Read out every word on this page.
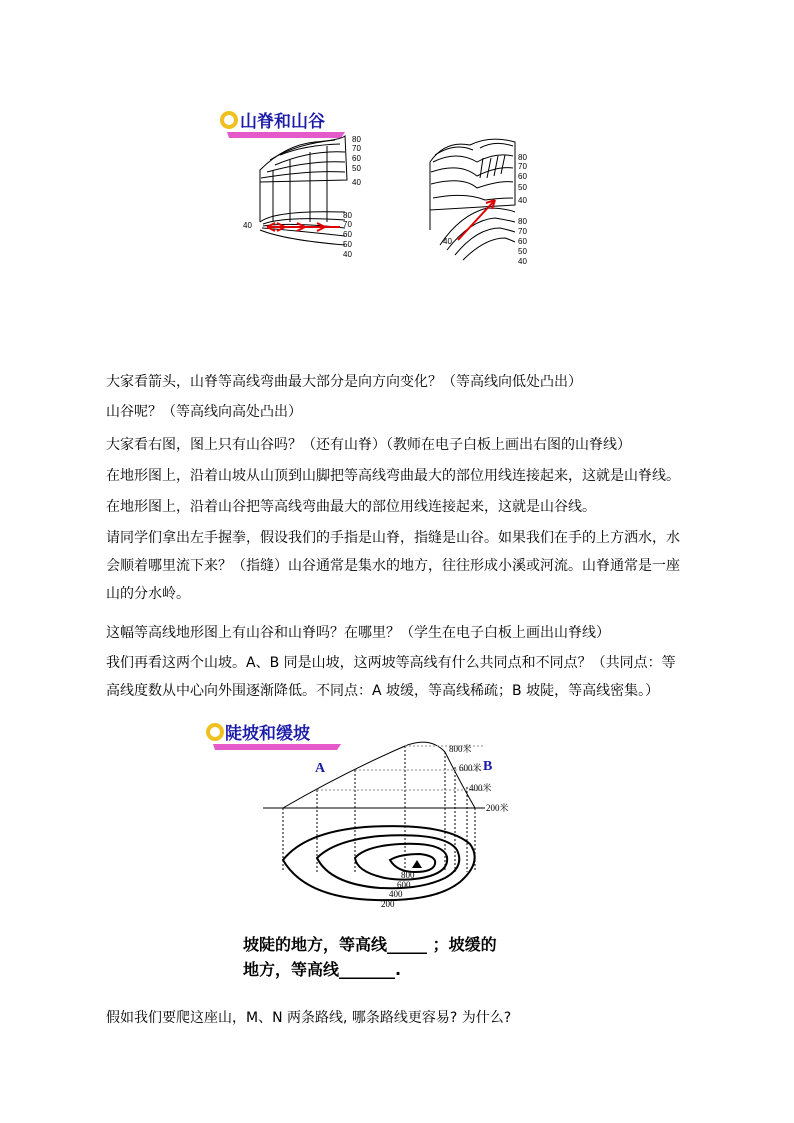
山脊和山谷
80
70
60
50
40
80
70
60
50
40
40
80
70
60
50
40
80
70
60
50
40
40

大家看箭头，山脊等高线弯曲最大部分是向方向变化？（等高线向低处凸出）

山谷呢？（等高线向高处凸出）

大家看右图，图上只有山谷吗？（还有山脊）（教师在电子白板上画出右图的山脊线）

在地形图上，沿着山坡从山顶到山脚把等高线弯曲最大的部位用线连接起来，这就是山脊线。

在地形图上，沿着山谷把等高线弯曲最大的部位用线连接起来，这就是山谷线。

请同学们拿出左手握拳，假设我们的手指是山脊，指缝是山谷。如果我们在手的上方洒水，水会顺着哪里流下来？（指缝）山谷通常是集水的地方，往往形成小溪或河流。山脊通常是一座山的分水岭。

这幅等高线地形图上有山谷和山脊吗？在哪里？（学生在电子白板上画出山脊线）

我们再看这两个山坡。A、B 同是山坡，这两坡等高线有什么共同点和不同点？（共同点：等高线度数从中心向外围逐渐降低。不同点：A 坡缓，等高线稀疏；B 坡陡，等高线密集。）

陡坡和缓坡
A	B
800米
600米
400米
200米
800
600
400
200
坡陡的地方，等高线_____ ；坡缓的
地方，等高线_______.

假如我们要爬这座山，M、N 两条路线, 哪条路线更容易? 为什么?
